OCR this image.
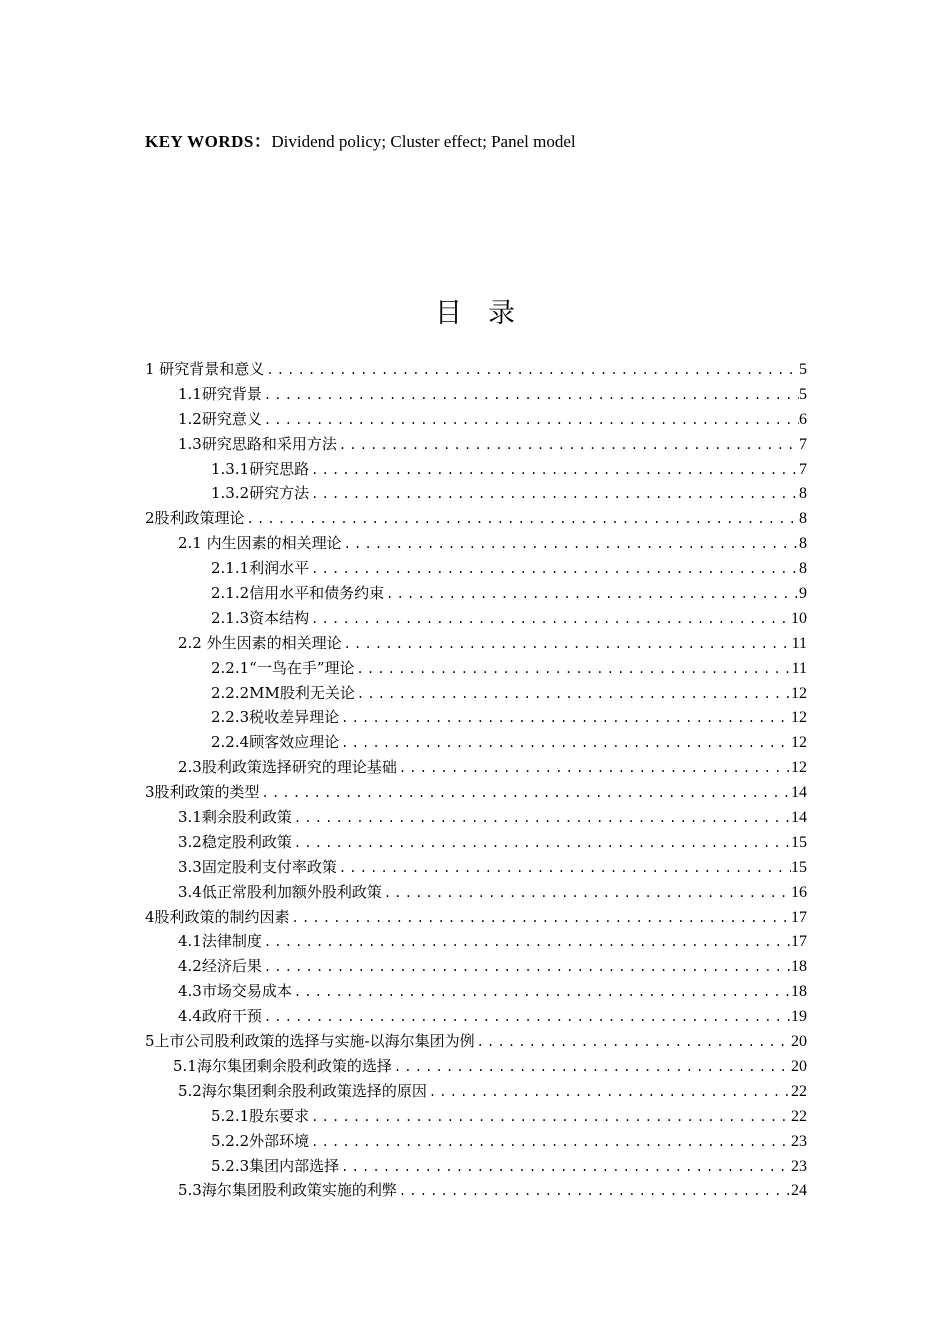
KEY WORDS：Dividend policy; Cluster effect; Panel model
目录
1 研究背景和意义 .....	5
1.1研究背景 .....	5
1.2研究意义 .....	6
1.3研究思路和采用方法 .....	7
1.3.1研究思路 .....	7
1.3.2研究方法 .....	8
2股利政策理论 .....	8
2.1 内生因素的相关理论 .....	8
2.1.1利润水平 .....	8
2.1.2信用水平和债务约束 .....	9
2.1.3资本结构 .....	10
2.2 外生因素的相关理论 .....	11
2.2.1“一鸟在手”理论 .....	11
2.2.2MM股利无关论 .....	12
2.2.3税收差异理论 .....	12
2.2.4顾客效应理论 .....	12
2.3股利政策选择研究的理论基础 .....	12
3股利政策的类型 .....	14
3.1剩余股利政策 .....	14
3.2稳定股利政策 .....	15
3.3固定股利支付率政策 .....	15
3.4低正常股利加额外股利政策 .....	16
4股利政策的制约因素 .....	17
4.1法律制度 .....	17
4.2经济后果 .....	18
4.3市场交易成本 .....	18
4.4政府干预 .....	19
5上市公司股利政策的选择与实施-以海尔集团为例 .....	20
5.1海尔集团剩余股利政策的选择 .....	20
5.2海尔集团剩余股利政策选择的原因 .....	22
5.2.1股东要求 .....	22
5.2.2外部环境 .....	23
5.2.3集团内部选择 .....	23
5.3海尔集团股利政策实施的利弊 .....	24
